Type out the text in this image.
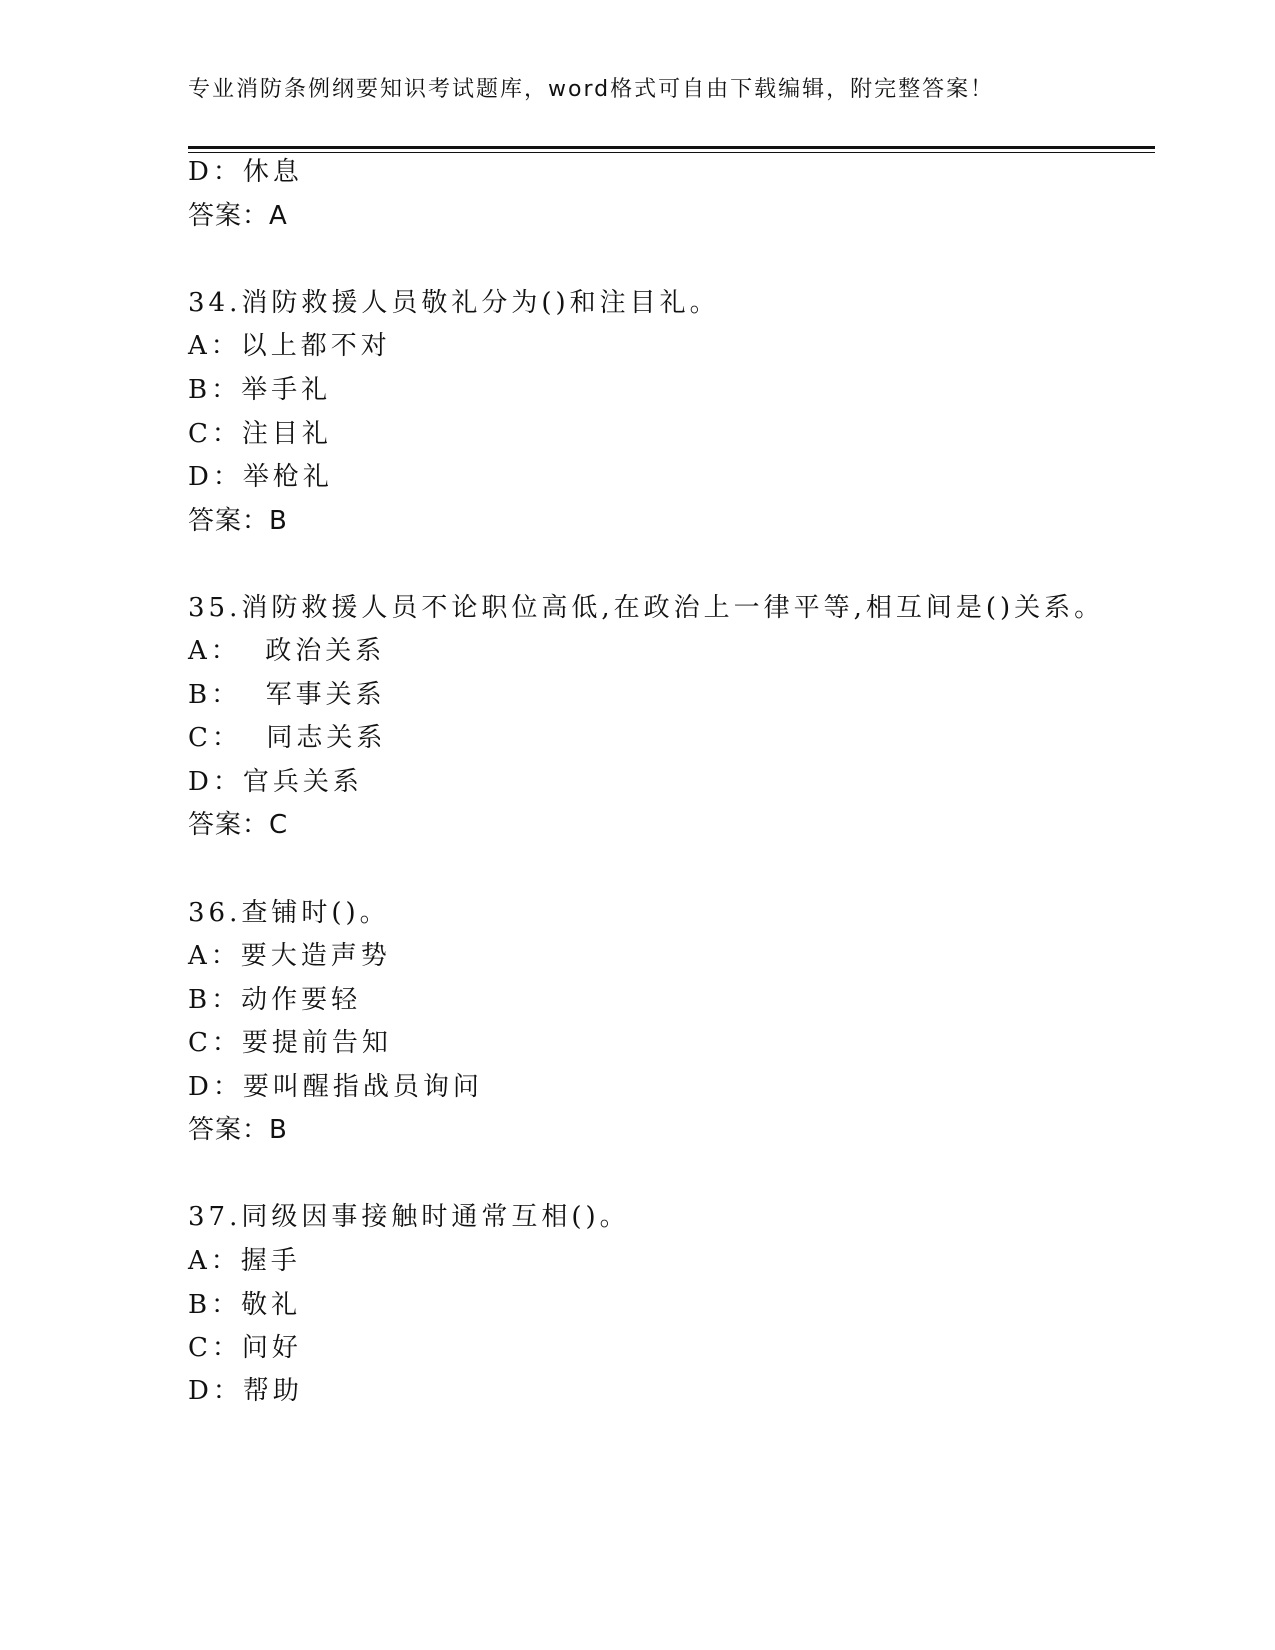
专业消防条例纲要知识考试题库，word格式可自由下载编辑，附完整答案！
D：休息
答案：A
34.消防救援人员敬礼分为()和注目礼。
A：以上都不对
B：举手礼
C：注目礼
D：举枪礼
答案：B
35.消防救援人员不论职位高低,在政治上一律平等,相互间是()关系。
A：  政治关系
B：  军事关系
C：  同志关系
D：官兵关系
答案：C
36.查铺时()。
A：要大造声势
B：动作要轻
C：要提前告知
D：要叫醒指战员询问
答案：B
37.同级因事接触时通常互相()。
A：握手
B：敬礼
C：问好
D：帮助
